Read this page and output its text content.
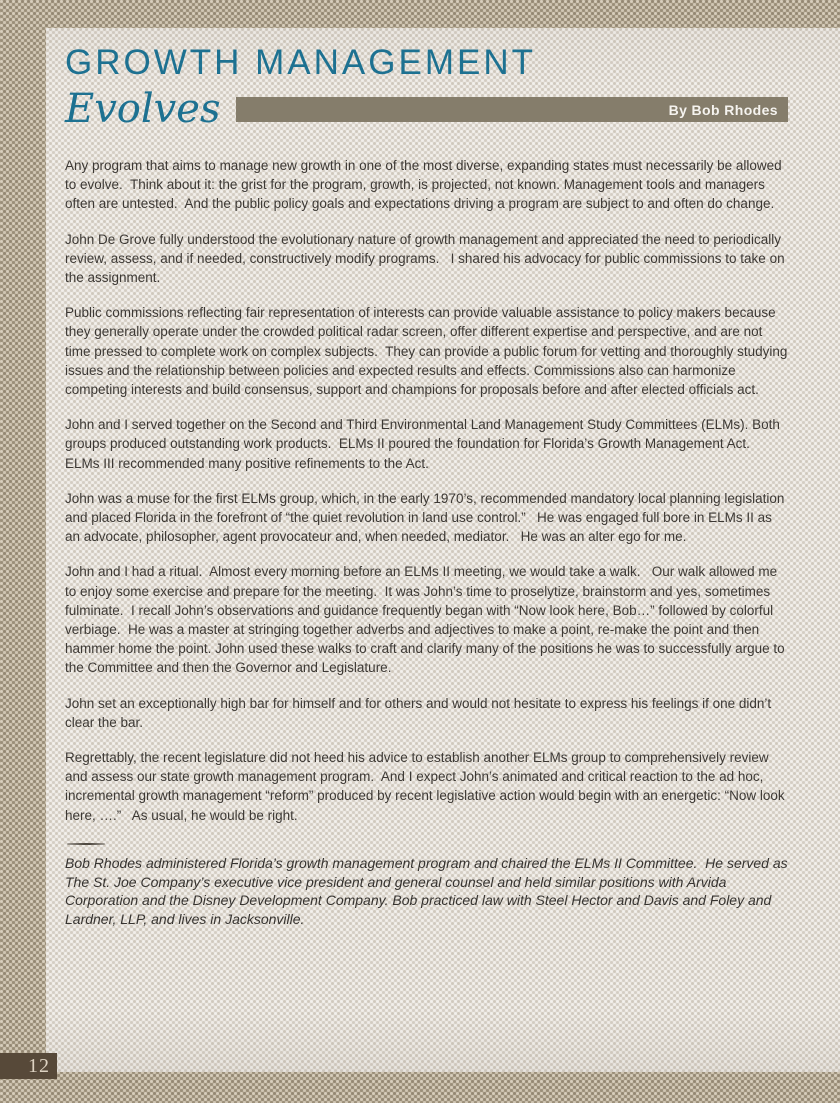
GROWTH MANAGEMENT
Evolves	By Bob Rhodes

Any program that aims to manage new growth in one of the most diverse, expanding states must necessarily be allowed to evolve.  Think about it: the grist for the program, growth, is projected, not known. Management tools and managers often are untested.  And the public policy goals and expectations driving a program are subject to and often do change.

John De Grove fully understood the evolutionary nature of growth management and appreciated the need to periodically review, assess, and if needed, constructively modify programs.   I shared his advocacy for public commissions to take on the assignment.

Public commissions reflecting fair representation of interests can provide valuable assistance to policy makers because they generally operate under the crowded political radar screen, offer different expertise and perspective, and are not time pressed to complete work on complex subjects.  They can provide a public forum for vetting and thoroughly studying issues and the relationship between policies and expected results and effects. Commissions also can harmonize competing interests and build consensus, support and champions for proposals before and after elected officials act.

John and I served together on the Second and Third Environmental Land Management Study Committees (ELMs). Both groups produced outstanding work products.  ELMs II poured the foundation for Florida’s Growth Management Act.  ELMs III recommended many positive refinements to the Act.

John was a muse for the first ELMs group, which, in the early 1970’s, recommended mandatory local planning legislation and placed Florida in the forefront of “the quiet revolution in land use control.”   He was engaged full bore in ELMs II as an advocate, philosopher, agent provocateur and, when needed, mediator.   He was an alter ego for me.

John and I had a ritual.  Almost every morning before an ELMs II meeting, we would take a walk.   Our walk allowed me to enjoy some exercise and prepare for the meeting.  It was John’s time to proselytize, brainstorm and yes, sometimes fulminate.  I recall John’s observations and guidance frequently began with “Now look here, Bob…” followed by colorful verbiage.  He was a master at stringing together adverbs and adjectives to make a point, re-make the point and then hammer home the point. John used these walks to craft and clarify many of the positions he was to successfully argue to the Committee and then the Governor and Legislature.

John set an exceptionally high bar for himself and for others and would not hesitate to express his feelings if one didn’t clear the bar.

Regrettably, the recent legislature did not heed his advice to establish another ELMs group to comprehensively review and assess our state growth management program.  And I expect John’s animated and critical reaction to the ad hoc, incremental growth management “reform” produced by recent legislative action would begin with an energetic: “Now look here, ….”   As usual, he would be right.

Bob Rhodes administered Florida’s growth management program and chaired the ELMs II Committee.  He served as The St. Joe Company’s executive vice president and general counsel and held similar positions with Arvida Corporation and the Disney Development Company. Bob practiced law with Steel Hector and Davis and Foley and Lardner, LLP, and lives in Jacksonville.

12
